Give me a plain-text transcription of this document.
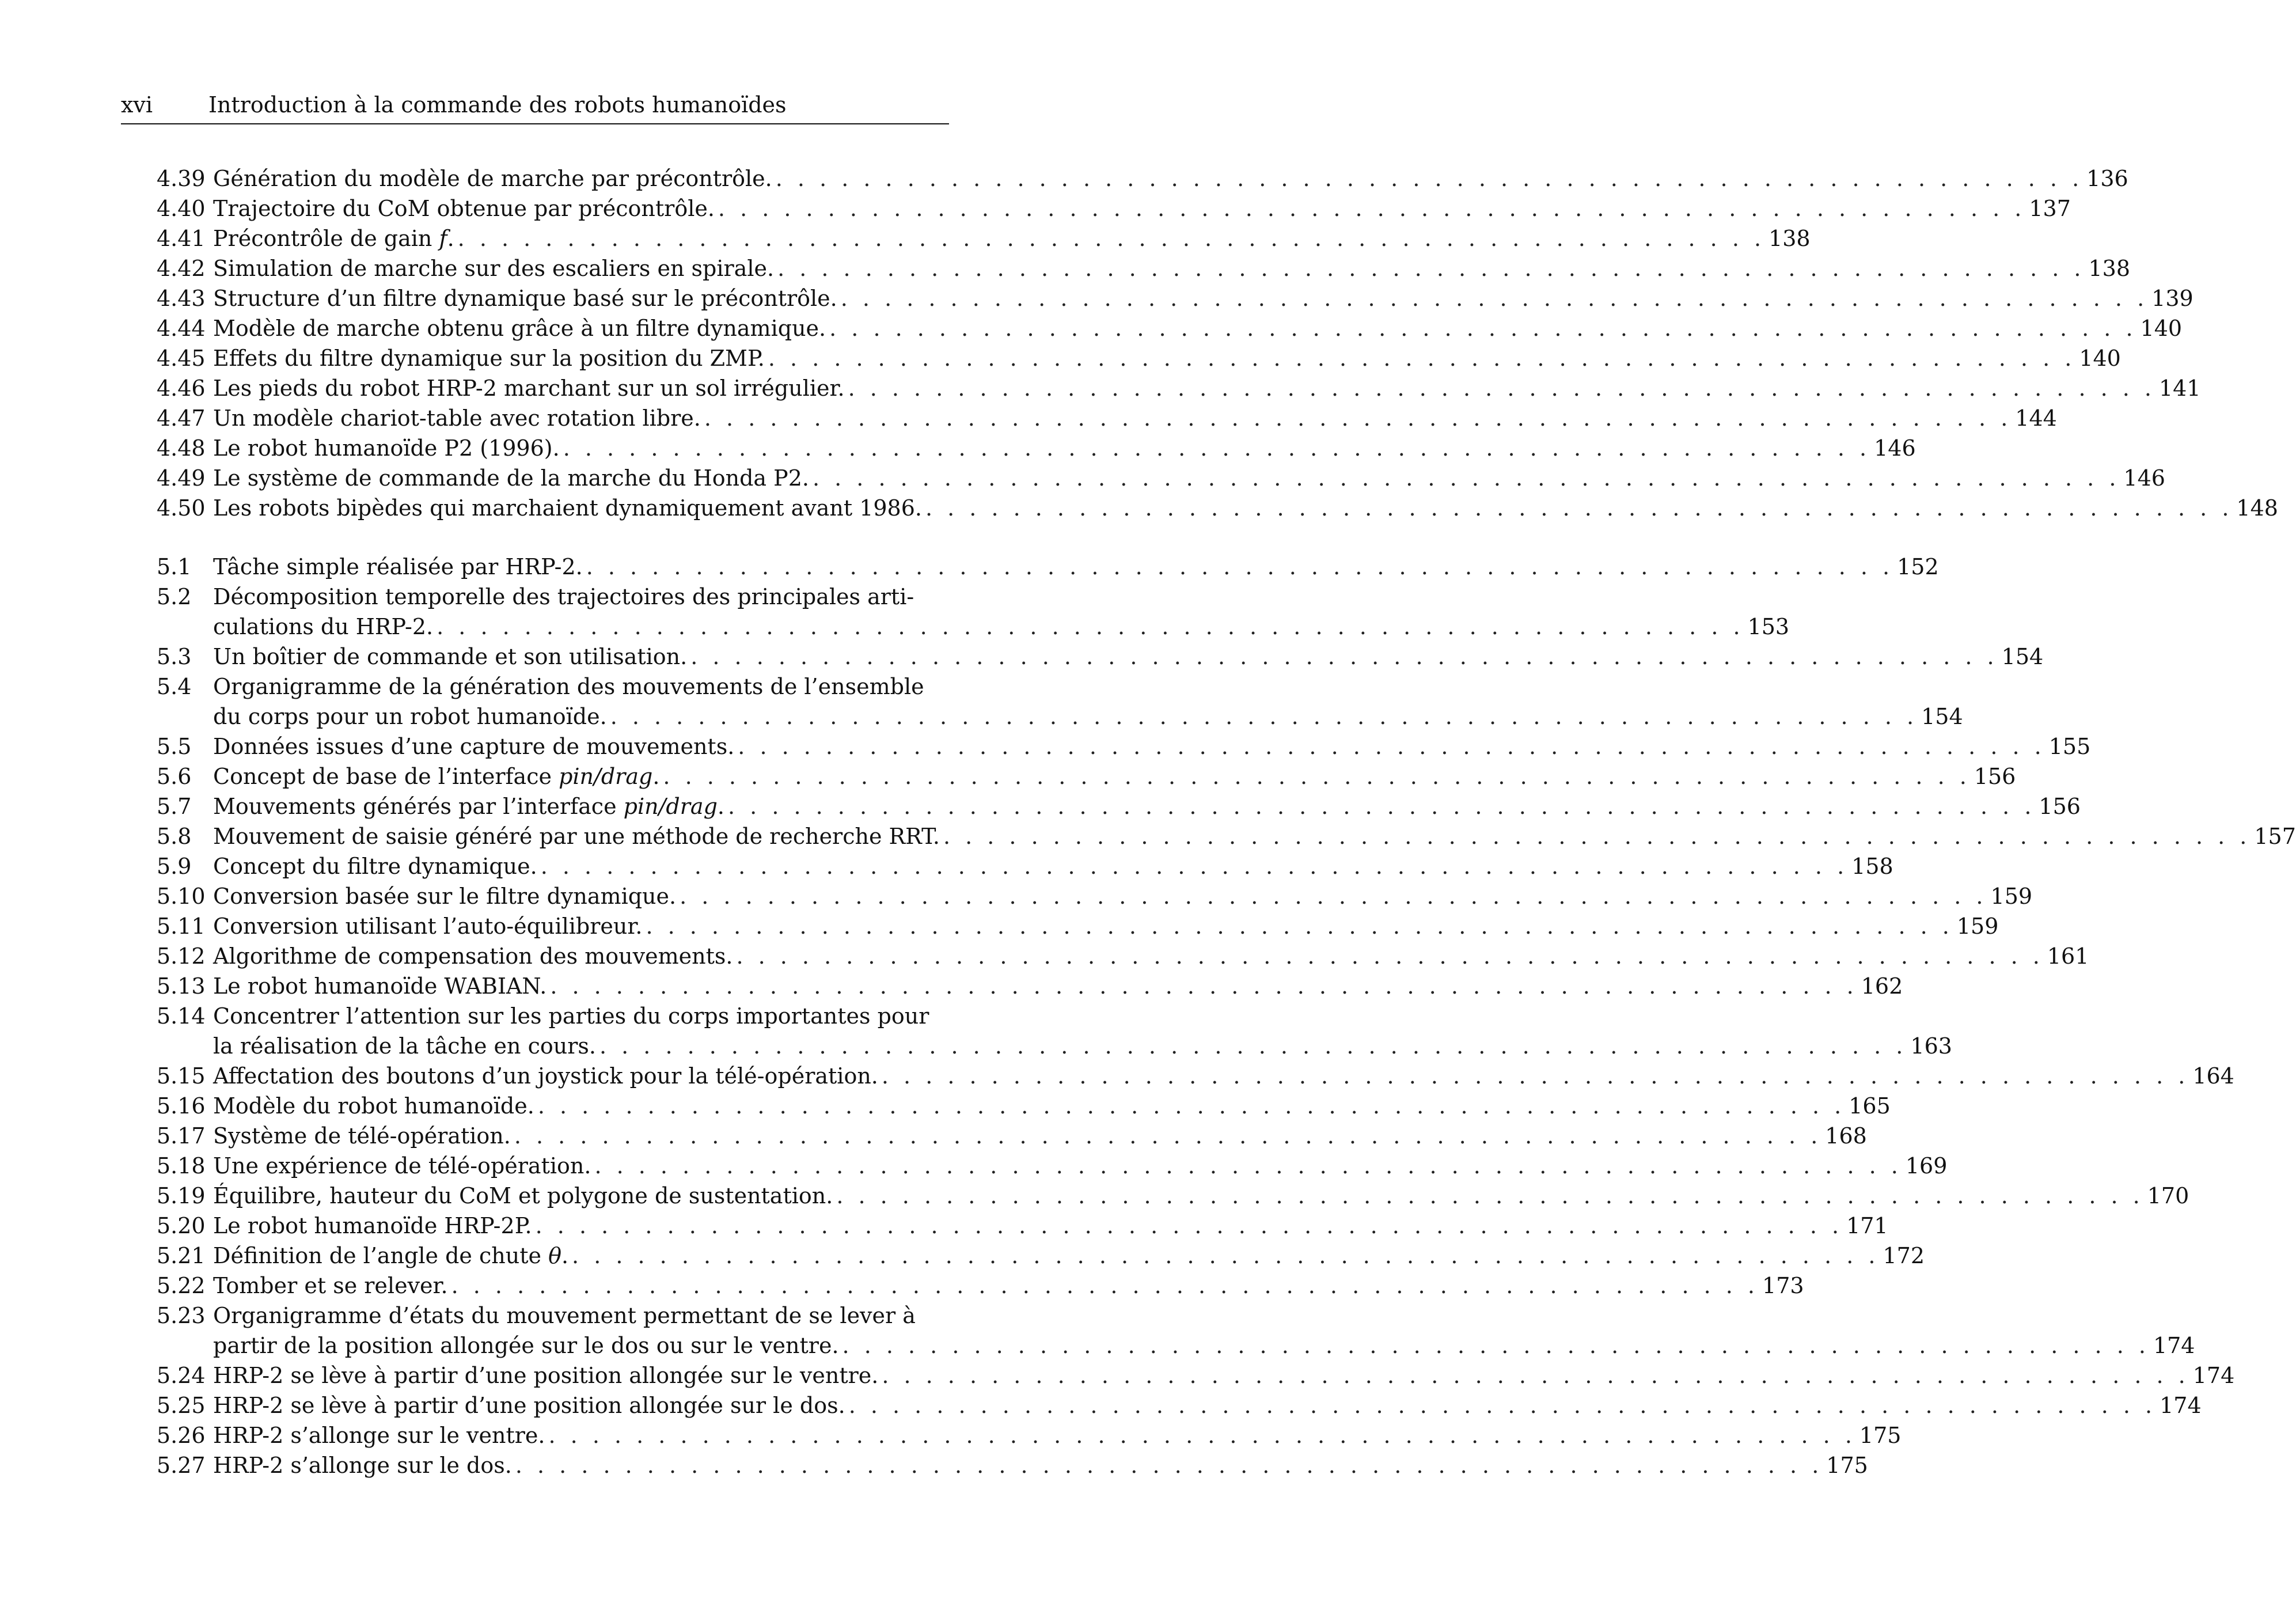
xvi	Introduction à la commande des robots humanoïdes
4.39 Génération du modèle de marche par précontrôle. . . . . . . . . . . . . . . . . . . . . . . . . . . . . . . . . . . . . . . . . . . . . . . . . . . . . . . . . . . . . 136
4.40 Trajectoire du CoM obtenue par précontrôle. . . . . . . . . . . . . . . . . . . . . . . . . . . . . . . . . . . . . . . . . . . . . . . . . . . . . . . . . . . . . 137
4.41 Précontrôle de gain f. . . . . . . . . . . . . . . . . . . . . . . . . . . . . . . . . . . . . . . . . . . . . . . . . . . . . . . . . . . . . 138
4.42 Simulation de marche sur des escaliers en spirale. . . . . . . . . . . . . . . . . . . . . . . . . . . . . . . . . . . . . . . . . . . . . . . . . . . . . . . . . . . . . 138
4.43 Structure d’un filtre dynamique basé sur le précontrôle. . . . . . . . . . . . . . . . . . . . . . . . . . . . . . . . . . . . . . . . . . . . . . . . . . . . . . . . . . . . . 139
4.44 Modèle de marche obtenu grâce à un filtre dynamique. . . . . . . . . . . . . . . . . . . . . . . . . . . . . . . . . . . . . . . . . . . . . . . . . . . . . . . . . . . . . 140
4.45 Effets du filtre dynamique sur la position du ZMP. . . . . . . . . . . . . . . . . . . . . . . . . . . . . . . . . . . . . . . . . . . . . . . . . . . . . . . . . . . . . 140
4.46 Les pieds du robot HRP-2 marchant sur un sol irrégulier. . . . . . . . . . . . . . . . . . . . . . . . . . . . . . . . . . . . . . . . . . . . . . . . . . . . . . . . . . . . . 141
4.47 Un modèle chariot-table avec rotation libre. . . . . . . . . . . . . . . . . . . . . . . . . . . . . . . . . . . . . . . . . . . . . . . . . . . . . . . . . . . . . 144
4.48 Le robot humanoïde P2 (1996). . . . . . . . . . . . . . . . . . . . . . . . . . . . . . . . . . . . . . . . . . . . . . . . . . . . . . . . . . . . . 146
4.49 Le système de commande de la marche du Honda P2. . . . . . . . . . . . . . . . . . . . . . . . . . . . . . . . . . . . . . . . . . . . . . . . . . . . . . . . . . . . . 146
4.50 Les robots bipèdes qui marchaient dynamiquement avant 1986. . . . . . . . . . . . . . . . . . . . . . . . . . . . . . . . . . . . . . . . . . . . . . . . . . . . . . . . . . . . . 148
5.1 Tâche simple réalisée par HRP-2. . . . . . . . . . . . . . . . . . . . . . . . . . . . . . . . . . . . . . . . . . . . . . . . . . . . . . . . . . . . . 152
5.2 Décomposition temporelle des trajectoires des principales arti-
culations du HRP-2. . . . . . . . . . . . . . . . . . . . . . . . . . . . . . . . . . . . . . . . . . . . . . . . . . . . . . . . . . . . . 153
5.3 Un boîtier de commande et son utilisation. . . . . . . . . . . . . . . . . . . . . . . . . . . . . . . . . . . . . . . . . . . . . . . . . . . . . . . . . . . . . 154
5.4 Organigramme de la génération des mouvements de l’ensemble
du corps pour un robot humanoïde. . . . . . . . . . . . . . . . . . . . . . . . . . . . . . . . . . . . . . . . . . . . . . . . . . . . . . . . . . . . . 154
5.5 Données issues d’une capture de mouvements. . . . . . . . . . . . . . . . . . . . . . . . . . . . . . . . . . . . . . . . . . . . . . . . . . . . . . . . . . . . . 155
5.6 Concept de base de l’interface pin/drag. . . . . . . . . . . . . . . . . . . . . . . . . . . . . . . . . . . . . . . . . . . . . . . . . . . . . . . . . . . . . 156
5.7 Mouvements générés par l’interface pin/drag. . . . . . . . . . . . . . . . . . . . . . . . . . . . . . . . . . . . . . . . . . . . . . . . . . . . . . . . . . . . . 156
5.8 Mouvement de saisie généré par une méthode de recherche RRT. . . . . . . . . . . . . . . . . . . . . . . . . . . . . . . . . . . . . . . . . . . . . . . . . . . . . . . . . . . . . 157
5.9 Concept du filtre dynamique. . . . . . . . . . . . . . . . . . . . . . . . . . . . . . . . . . . . . . . . . . . . . . . . . . . . . . . . . . . . . 158
5.10 Conversion basée sur le filtre dynamique. . . . . . . . . . . . . . . . . . . . . . . . . . . . . . . . . . . . . . . . . . . . . . . . . . . . . . . . . . . . . 159
5.11 Conversion utilisant l’auto-équilibreur. . . . . . . . . . . . . . . . . . . . . . . . . . . . . . . . . . . . . . . . . . . . . . . . . . . . . . . . . . . . . 159
5.12 Algorithme de compensation des mouvements. . . . . . . . . . . . . . . . . . . . . . . . . . . . . . . . . . . . . . . . . . . . . . . . . . . . . . . . . . . . . 161
5.13 Le robot humanoïde WABIAN. . . . . . . . . . . . . . . . . . . . . . . . . . . . . . . . . . . . . . . . . . . . . . . . . . . . . . . . . . . . . 162
5.14 Concentrer l’attention sur les parties du corps importantes pour
la réalisation de la tâche en cours. . . . . . . . . . . . . . . . . . . . . . . . . . . . . . . . . . . . . . . . . . . . . . . . . . . . . . . . . . . . . 163
5.15 Affectation des boutons d’un joystick pour la télé-opération. . . . . . . . . . . . . . . . . . . . . . . . . . . . . . . . . . . . . . . . . . . . . . . . . . . . . . . . . . . . . 164
5.16 Modèle du robot humanoïde. . . . . . . . . . . . . . . . . . . . . . . . . . . . . . . . . . . . . . . . . . . . . . . . . . . . . . . . . . . . . 165
5.17 Système de télé-opération. . . . . . . . . . . . . . . . . . . . . . . . . . . . . . . . . . . . . . . . . . . . . . . . . . . . . . . . . . . . . 168
5.18 Une expérience de télé-opération. . . . . . . . . . . . . . . . . . . . . . . . . . . . . . . . . . . . . . . . . . . . . . . . . . . . . . . . . . . . . 169
5.19 Équilibre, hauteur du CoM et polygone de sustentation. . . . . . . . . . . . . . . . . . . . . . . . . . . . . . . . . . . . . . . . . . . . . . . . . . . . . . . . . . . . . 170
5.20 Le robot humanoïde HRP-2P. . . . . . . . . . . . . . . . . . . . . . . . . . . . . . . . . . . . . . . . . . . . . . . . . . . . . . . . . . . . . 171
5.21 Définition de l’angle de chute θ. . . . . . . . . . . . . . . . . . . . . . . . . . . . . . . . . . . . . . . . . . . . . . . . . . . . . . . . . . . . . 172
5.22 Tomber et se relever. . . . . . . . . . . . . . . . . . . . . . . . . . . . . . . . . . . . . . . . . . . . . . . . . . . . . . . . . . . . . 173
5.23 Organigramme d’états du mouvement permettant de se lever à
partir de la position allongée sur le dos ou sur le ventre. . . . . . . . . . . . . . . . . . . . . . . . . . . . . . . . . . . . . . . . . . . . . . . . . . . . . . . . . . . . . 174
5.24 HRP-2 se lève à partir d’une position allongée sur le ventre. . . . . . . . . . . . . . . . . . . . . . . . . . . . . . . . . . . . . . . . . . . . . . . . . . . . . . . . . . . . . 174
5.25 HRP-2 se lève à partir d’une position allongée sur le dos. . . . . . . . . . . . . . . . . . . . . . . . . . . . . . . . . . . . . . . . . . . . . . . . . . . . . . . . . . . . . 174
5.26 HRP-2 s’allonge sur le ventre. . . . . . . . . . . . . . . . . . . . . . . . . . . . . . . . . . . . . . . . . . . . . . . . . . . . . . . . . . . . . 175
5.27 HRP-2 s’allonge sur le dos. . . . . . . . . . . . . . . . . . . . . . . . . . . . . . . . . . . . . . . . . . . . . . . . . . . . . . . . . . . . . 175
